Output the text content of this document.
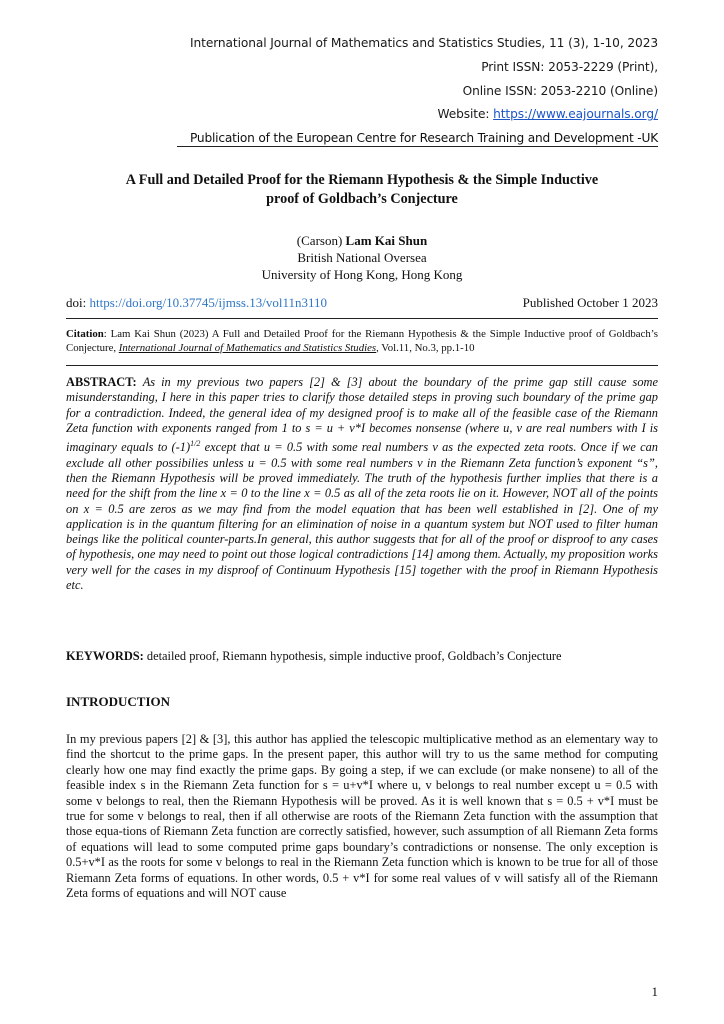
International Journal of Mathematics and Statistics Studies, 11 (3), 1-10, 2023
Print ISSN: 2053-2229 (Print),
Online ISSN: 2053-2210 (Online)
Website: https://www.eajournals.org/
Publication of the European Centre for Research Training and Development -UK
A Full and Detailed Proof for the Riemann Hypothesis & the Simple Inductive
proof of Goldbach’s Conjecture
(Carson) Lam Kai Shun
British National Oversea
University of Hong Kong, Hong Kong
doi: https://doi.org/10.37745/ijmss.13/vol11n3110	Published October 1 2023
Citation: Lam Kai Shun (2023) A Full and Detailed Proof for the Riemann Hypothesis & the Simple Inductive proof of Goldbach’s Conjecture, International Journal of Mathematics and Statistics Studies, Vol.11, No.3, pp.1-10
ABSTRACT: As in my previous two papers [2] & [3] about the boundary of the prime gap still cause some misunderstanding, I here in this paper tries to clarify those detailed steps in proving such boundary of the prime gap for a contradiction. Indeed, the general idea of my designed proof is to make all of the feasible case of the Riemann Zeta function with exponents ranged from 1 to s = u + v*I becomes nonsense (where u, v are real numbers with I is imaginary equals to $(-1)^{1/2}$ except that u = 0.5 with some real numbers v as the expected zeta roots. Once if we can exclude all other possibilies unless u = 0.5 with some real numbers v in the Riemann Zeta function’s exponent “s”, then the Riemann Hypothesis will be proved immediately. The truth of the hypothesis further implies that there is a need for the shift from the line x = 0 to the line x = 0.5 as all of the zeta roots lie on it. However, NOT all of the points on x = 0.5 are zeros as we may find from the model equation that has been well established in [2]. One of my application is in the quantum filtering for an elimination of noise in a quantum system but NOT used to filter human beings like the political counter-parts.In general, this author suggests that for all of the proof or disproof to any cases of hypothesis, one may need to point out those logical contradictions [14] among them. Actually, my proposition works very well for the cases in my disproof of Continuum Hypothesis [15] together with the proof in Riemann Hypothesis etc.
KEYWORDS: detailed proof, Riemann hypothesis, simple inductive proof, Goldbach’s Conjecture
INTRODUCTION
In my previous papers [2] & [3], this author has applied the telescopic multiplicative method as an elementary way to find the shortcut to the prime gaps. In the present paper, this author will try to us the same method for computing clearly how one may find exactly the prime gaps. By going a step, if we can exclude (or make nonsene) to all of the feasible index s in the Riemann Zeta function for s = u+v*I where u, v belongs to real number except u = 0.5 with some v belongs to real, then the Riemann Hypothesis will be proved. As it is well known that s = 0.5 + v*I must be true for some v belongs to real, then if all otherwise are roots of the Riemann Zeta function with the assumption that those equa-tions of Riemann Zeta function are correctly satisfied, however, such assumption of all Riemann Zeta forms of equations will lead to some computed prime gaps boundary’s contradictions or nonsense. The only exception is 0.5+v*I as the roots for some v belongs to real in the Riemann Zeta function which is known to be true for all of those Riemann Zeta forms of equations. In other words, 0.5 + v*I for some real values of v will satisfy all of the Riemann Zeta forms of equations and will NOT cause
1
